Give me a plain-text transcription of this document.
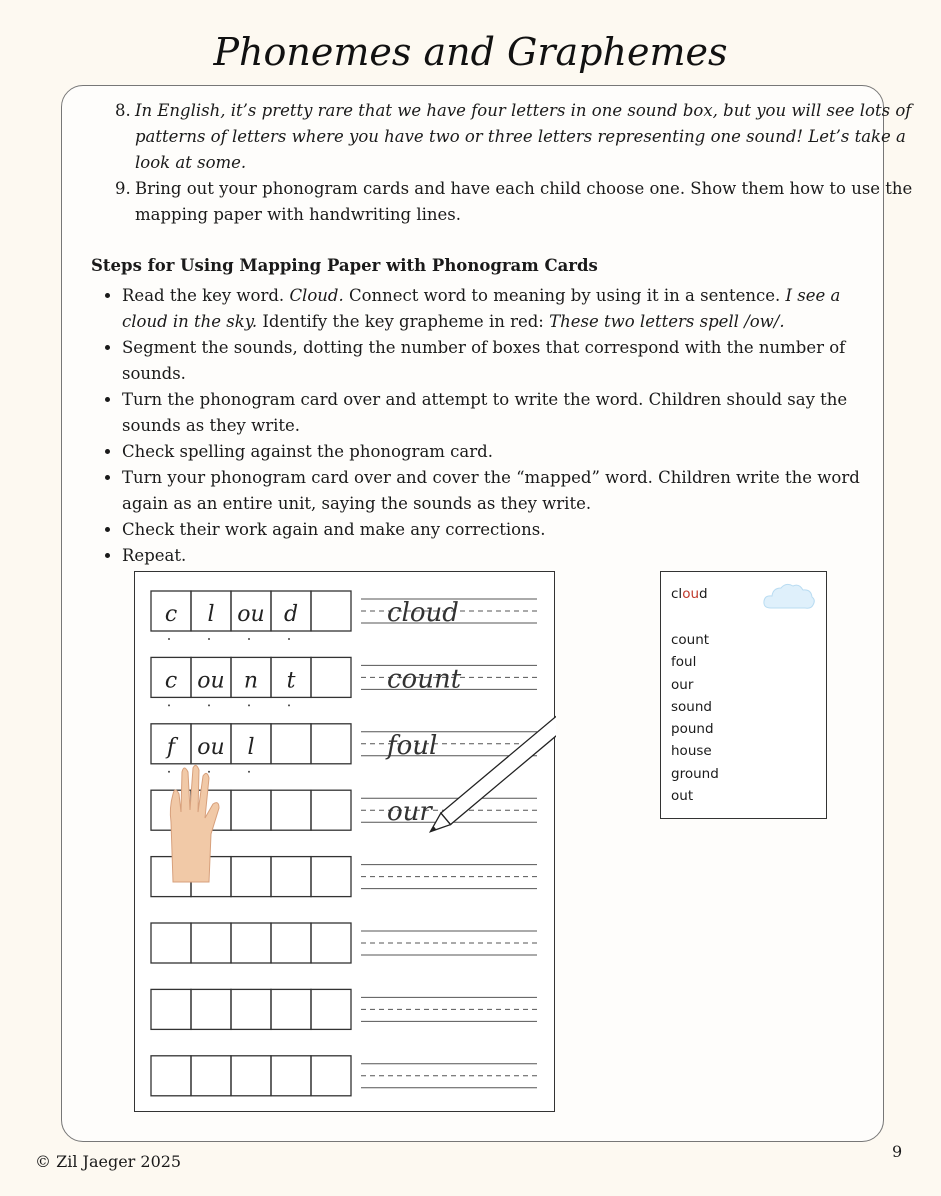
Phonemes and Graphemes
8. In English, it’s pretty rare that we have four letters in one sound box, but you will see lots of patterns of letters where you have two or three letters representing one sound! Let’s take a look at some.
9. Bring out your phonogram cards and have each child choose one. Show them how to use the mapping paper with handwriting lines.
Steps for Using Mapping Paper with Phonogram Cards
• Read the key word. Cloud. Connect word to meaning by using it in a sentence. I see a cloud in the sky. Identify the key grapheme in red: These two letters spell /ow/.
• Segment the sounds, dotting the number of boxes that correspond with the number of sounds.
• Turn the phonogram card over and attempt to write the word. Children should say the sounds as they write.
• Check spelling against the phonogram card.
• Turn your phonogram card over and cover the “mapped” word. Children write the word again as an entire unit, saying the sounds as they write.
• Check their work again and make any corrections.
• Repeat.
c l ou d	cloud
c ou n t	count
f ou l	foul
our
cloud
count
foul
our
sound
pound
house
ground
out
© Zil Jaeger 2025
9
